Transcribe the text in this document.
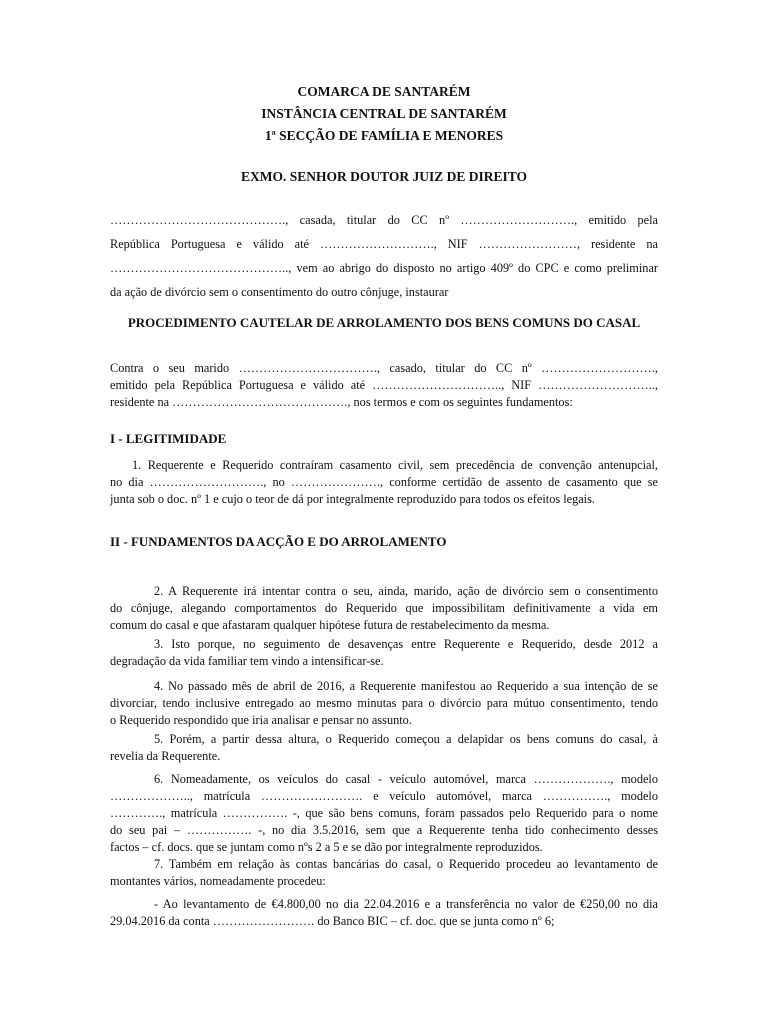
COMARCA DE SANTARÉM
INSTÂNCIA CENTRAL DE SANTARÉM
1ª SECÇÃO DE FAMÍLIA E MENORES
EXMO. SENHOR DOUTOR JUIZ DE DIREITO
……………………………………., casada, titular do CC nº ………………………., emitido pela
República Portuguesa e válido até ………………………., NIF ……………………, residente na
…………………………………….., vem ao abrigo do disposto no artigo 409º do CPC e como preliminar
da ação de divórcio sem o consentimento do outro cônjuge, instaurar
PROCEDIMENTO CAUTELAR DE ARROLAMENTO DOS BENS COMUNS DO CASAL
Contra o seu marido ……………………………., casado, titular do CC nº ……………………….,
emitido pela República Portuguesa e válido até ………………………….., NIF ………………………..,
residente na ……………………………………., nos termos e com os seguintes fundamentos:
I - LEGITIMIDADE
1. Requerente e Requerido contraíram casamento civil, sem precedência de convenção antenupcial,
no dia ………………………., no …………………., conforme certidão de assento de casamento que se
junta sob o doc. nº 1 e cujo o teor de dá por integralmente reproduzido para todos os efeitos legais.
II - FUNDAMENTOS DA ACÇÃO E DO ARROLAMENTO
2. A Requerente irá intentar contra o seu, ainda, marido, ação de divórcio sem o consentimento
do cônjuge, alegando comportamentos do Requerido que impossibilitam definitivamente a vida em
comum do casal e que afastaram qualquer hipótese futura de restabelecimento da mesma.
3. Isto porque, no seguimento de desavenças entre Requerente e Requerido, desde 2012 a
degradação da vida familiar tem vindo a intensificar-se.
4. No passado mês de abril de 2016, a Requerente manifestou ao Requerido a sua intenção de se
divorciar, tendo inclusive entregado ao mesmo minutas para o divórcio para mútuo consentimento, tendo
o Requerido respondido que iria analisar e pensar no assunto.
5. Porém, a partir dessa altura, o Requerido começou a delapidar os bens comuns do casal, à
revelia da Requerente.
6. Nomeadamente, os veículos do casal - veículo automóvel, marca ………………., modelo
……………….., matrícula ……………………. e veículo automóvel, marca ……………., modelo
…………., matrícula ……………. -, que são bens comuns, foram passados pelo Requerido para o nome
do seu pai – ……………. -, no dia 3.5.2016, sem que a Requerente tenha tido conhecimento desses
factos – cf. docs. que se juntam como nºs 2 a 5 e se dão por integralmente reproduzidos.
7. Também em relação às contas bancárias do casal, o Requerido procedeu ao levantamento de
montantes vários, nomeadamente procedeu:
- Ao levantamento de €4.800,00 no dia 22.04.2016 e a transferência no valor de €250,00 no dia
29.04.2016 da conta ……………………. do Banco BIC – cf. doc. que se junta como nº 6;
